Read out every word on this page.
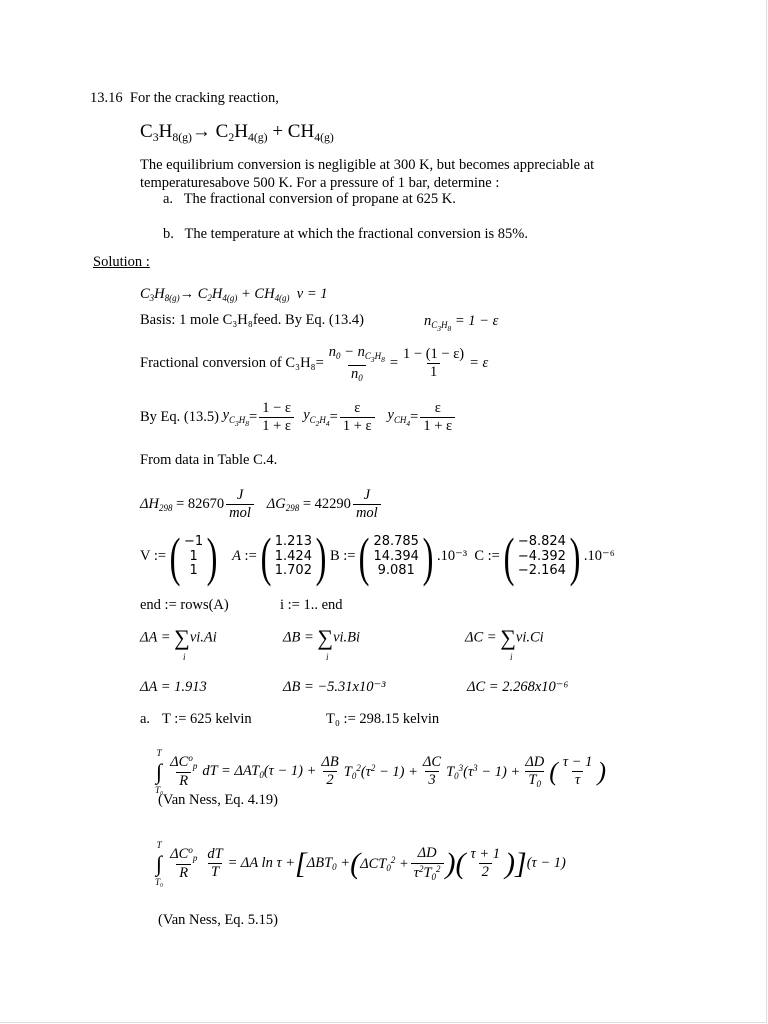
13.16 For the cracking reaction,
$C_3H_{8(g)}\to C_2H_{4(g)} + CH_{4(g)}$
The equilibrium conversion is negligible at 300 K, but becomes appreciable at
temperaturesabove 500 K. For a pressure of 1 bar, determine :
a. The fractional conversion of propane at 625 K.
b. The temperature at which the fractional conversion is 85%.
Solution :
$C_3H_{8(g)}\to C_2H_{4(g)} + CH_{4(g)}$  ν = 1
Basis: 1 mole C₃H₈feed. By Eq. (13.4)	$n_{C_3H_8} = 1 - \varepsilon$
Fractional conversion of $C_3H_8= \frac{n_0 - n_{C_3H_8}}{n_0} = \frac{1 - (1 - \varepsilon)}{1} = \varepsilon$
By Eq. (13.5)
$y_{C_3H_8} = \frac{1 - \varepsilon}{1 + \varepsilon}$
$y_{C_2H_4} = \frac{\varepsilon}{1 + \varepsilon}$
$y_{CH_4} = \frac{\varepsilon}{1 + \varepsilon}$
From data in Table C.4.
$\Delta H_{298}$
= $82670 \frac{J}{\text{mol}}$
$\Delta G_{298}$
= $42290 \frac{J}{\text{mol}}$
V := ( −1
1
1 )
A := ( 1.213
1.424
1.702 ) B := ( 28.785
14.394
9.081 ) .10⁻³
C := ( −8.824
−4.392
−2.164 ) .10⁻⁶
end := rows(A)	i := 1.. end
ΔA = ∑vi.Ai	ΔB = ∑vi.Bi	ΔC = ∑vi.Ci
i	i	i
ΔA = 1.913	ΔB = −5.31x10⁻³	ΔC = 2.268x10⁻⁶
a. T := 625 kelvin	T₀ := 298.15 kelvin
T
∫
$T_0 \frac{\Delta C^o_p}{R}$ dT = $\Delta AT_0(\tau - 1) + \frac{\Delta B}{2} T_0^2(\tau^2 - 1) + \frac{\Delta C}{3} T_0^3(\tau^3 - 1) + \frac{\Delta D}{T_0}$ ( $\frac{\tau - 1}{\tau}$ )
(Van Ness, Eq. 4.19)
T
∫
$T_0 \frac{\Delta C^o_p}{R} \frac{dT}{T} = \Delta A$ ln τ + [ $\Delta BT_0$ + ( $\Delta CT_0^2 + \frac{\Delta D}{\tau^2T_0^2}$ )( $\frac{\tau + 1}{2}$ )] (τ − 1)
(Van Ness, Eq. 5.15)
